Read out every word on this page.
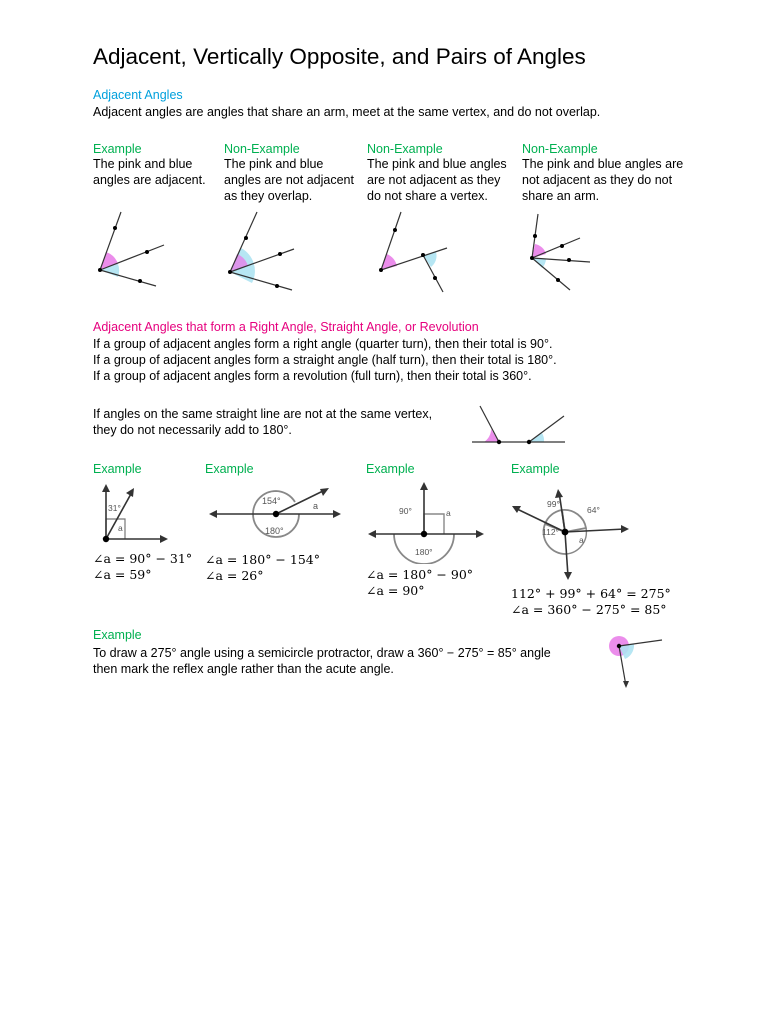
Adjacent, Vertically Opposite, and Pairs of Angles
Adjacent Angles
Adjacent angles are angles that share an arm, meet at the same vertex, and do not overlap.
Example

The pink and blue

angles are adjacent.

Non-Example

The pink and blue

angles are not adjacent

as they overlap.

Non-Example

The pink and blue angles

are not adjacent as they

do not share a vertex.

Non-Example

The pink and blue angles are

not adjacent as they do not

share an arm.

Adjacent Angles that form a Right Angle, Straight Angle, or Revolution
If a group of adjacent angles form a right angle (quarter turn), then their total is 90°.
If a group of adjacent angles form a straight angle (half turn), then their total is 180°.
If a group of adjacent angles form a revolution (full turn), then their total is 360°.
If angles on the same straight line are not at the same vertex,
they do not necessarily add to 180°.
Example	Example	Example	Example
31°
a
154°	a
180°
90°	a
180°
99°
64°
112°
a
∠a = 90° − 31°
∠a = 59°
∠a = 180° − 154°
∠a = 26°	∠a = 180° − 90°
∠a = 90°	112° + 99° + 64° = 275°
∠a = 360° − 275° = 85°
Example
To draw a 275° angle using a semicircle protractor, draw a 360° − 275° = 85° angle
then mark the reflex angle rather than the acute angle.
